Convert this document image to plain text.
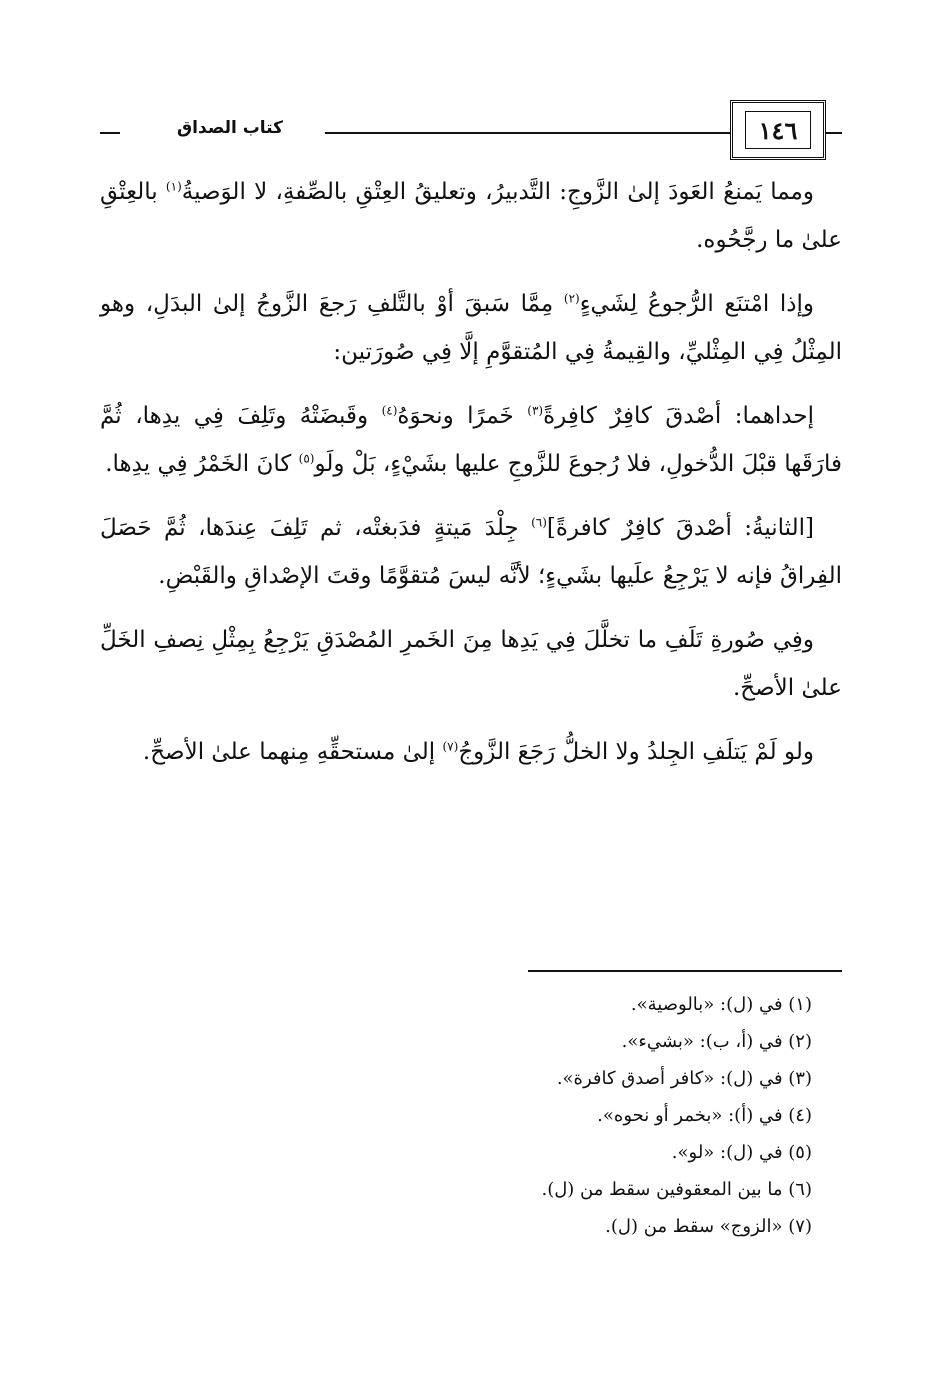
كتاب الصداق	١٤٦

ومما يَمنعُ العَودَ إلىٰ الزَّوجِ: التَّدبيرُ، وتعليقُ العِتْقِ بالصِّفةِ، لا الوَصيةُ$^{(١)}$ بالعِتْقِ علىٰ ما رجَّحُوه.

وإذا امْتنَع الرُّجوعُ لِشَيءٍ$^{(٢)}$ مِمَّا سَبقَ أوْ بالتَّلفِ رَجعَ الزَّوجُ إلىٰ البدَلِ، وهو المِثْلُ فِي المِثْليِّ، والقِيمةُ فِي المُتقوَّمِ إلَّا فِي صُورَتين:

إحداهما: أصْدقَ كافِرٌ كافِرةً$^{(٣)}$ خَمرًا ونحوَهُ$^{(٤)}$ وقَبضَتْهُ وتَلِفَ فِي يدِها، ثُمَّ فارَقَها قبْلَ الدُّخولِ، فلا رُجوعَ للزَّوجِ عليها بشَيْءٍ، بَلْ ولَو$^{(٥)}$ كانَ الخَمْرُ فِي يدِها.

[الثانيةُ: أصْدقَ كافِرٌ كافرةً]$^{(٦)}$ جِلْدَ مَيتةٍ فدَبغتْه، ثم تَلِفَ عِندَها، ثُمَّ حَصَلَ الفِراقُ فإنه لا يَرْجِعُ علَيها بشَيءٍ؛ لأنَّه ليسَ مُتقوَّمًا وقتَ الإصْداقِ والقَبْضِ.

وفِي صُورةِ تَلَفِ ما تخلَّلَ فِي يَدِها مِنَ الخَمرِ المُصْدَقِ يَرْجِعُ بِمِثْلِ نِصفِ الخَلِّ علىٰ الأصحِّ.

ولو لَمْ يَتلَفِ الجِلدُ ولا الخلُّ رَجَعَ الزَّوجُ$^{(٧)}$ إلىٰ مستحقِّهِ مِنهما علىٰ الأصحِّ.

(١) في (ل): «بالوصية».
(٢) في (أ، ب): «بشيء».
(٣) في (ل): «كافر أصدق كافرة».
(٤) في (أ): «بخمر أو نحوه».
(٥) في (ل): «لو».
(٦) ما بين المعقوفين سقط من (ل).
(٧) «الزوج» سقط من (ل).
